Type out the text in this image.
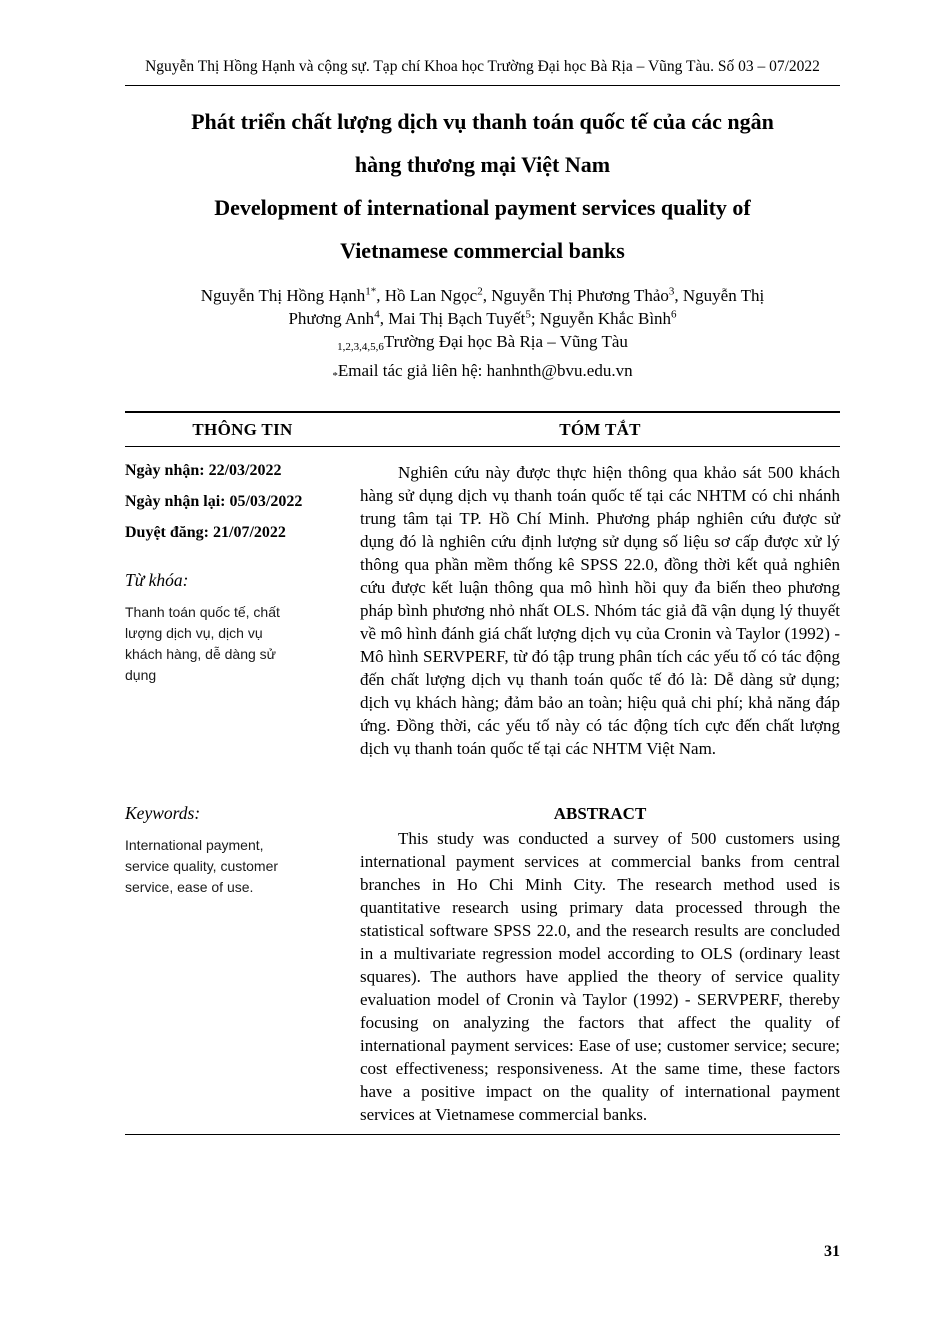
Nguyễn Thị Hồng Hạnh và cộng sự. Tạp chí Khoa học Trường Đại học Bà Rịa – Vũng Tàu. Số 03 – 07/2022
Phát triển chất lượng dịch vụ thanh toán quốc tế của các ngân
hàng thương mại Việt Nam
Development of international payment services quality of
Vietnamese commercial banks
Nguyễn Thị Hồng Hạnh$^{1*}$, Hồ Lan Ngọc$^2$, Nguyễn Thị Phương Thảo$^3$, Nguyễn Thị
Phương Anh$^4$, Mai Thị Bạch Tuyết$^5$; Nguyễn Khắc Bình$^6$
$_{1,2,3,4,5,6}$Trường Đại học Bà Rịa – Vũng Tàu
$_*$Email tác giả liên hệ: hanhnth@bvu.edu.vn
THÔNG TIN	TÓM TẮT
Ngày nhận: 22/03/2022
Ngày nhận lại: 05/03/2022
Duyệt đăng: 21/07/2022
Từ khóa:
Thanh toán quốc tế, chất lượng dịch vụ, dịch vụ khách hàng, dễ dàng sử dụng
Nghiên cứu này được thực hiện thông qua khảo sát 500 khách hàng sử dụng dịch vụ thanh toán quốc tế tại các NHTM có chi nhánh trung tâm tại TP. Hồ Chí Minh. Phương pháp nghiên cứu được sử dụng đó là nghiên cứu định lượng sử dụng số liệu sơ cấp được xử lý thông qua phần mềm thống kê SPSS 22.0, đồng thời kết quả nghiên cứu được kết luận thông qua mô hình hồi quy đa biến theo phương pháp bình phương nhỏ nhất OLS. Nhóm tác giả đã vận dụng lý thuyết về mô hình đánh giá chất lượng dịch vụ của Cronin và Taylor (1992) - Mô hình SERVPERF, từ đó tập trung phân tích các yếu tố có tác động đến chất lượng dịch vụ thanh toán quốc tế đó là: Dễ dàng sử dụng; dịch vụ khách hàng; đảm bảo an toàn; hiệu quả chi phí; khả năng đáp ứng. Đồng thời, các yếu tố này có tác động tích cực đến chất lượng dịch vụ thanh toán quốc tế tại các NHTM Việt Nam.
Keywords:
International payment, service quality, customer service, ease of use.
ABSTRACT
This study was conducted a survey of 500 customers using international payment services at commercial banks from central branches in Ho Chi Minh City. The research method used is quantitative research using primary data processed through the statistical software SPSS 22.0, and the research results are concluded in a multivariate regression model according to OLS (ordinary least squares). The authors have applied the theory of service quality evaluation model of Cronin và Taylor (1992) - SERVPERF, thereby focusing on analyzing the factors that affect the quality of international payment services: Ease of use; customer service; secure; cost effectiveness; responsiveness. At the same time, these factors have a positive impact on the quality of international payment services at Vietnamese commercial banks.
31
